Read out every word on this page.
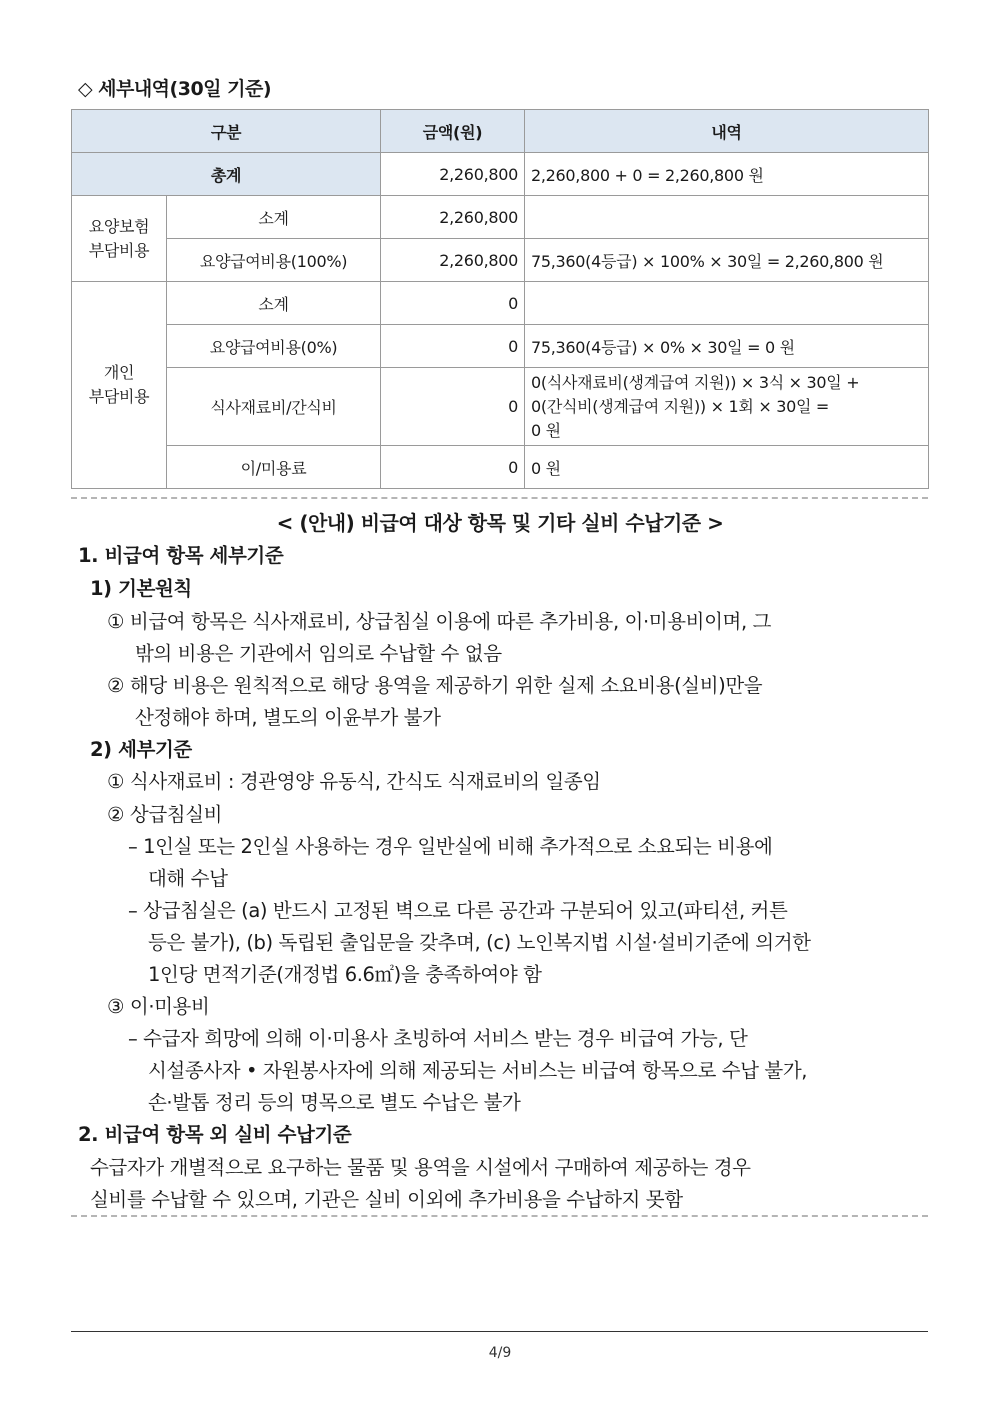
◇ 세부내역(30일 기준)
구분		금액(원)	내역
총계		2,260,800	2,260,800 + 0 = 2,260,800 원

요양보험
부담비용	소계	2,260,800	
	요양급여비용(100%)	2,260,800	75,360(4등급) × 100% × 30일 = 2,260,800 원

개인
부담비용	소계	0	
	요양급여비용(0%)	0	75,360(4등급) × 0% × 30일 = 0 원
	식사재료비/간식비	0	0(식사재료비(생계급여 지원)) × 3식 × 30일 +
0(간식비(생계급여 지원)) × 1회 × 30일 =
0 원

	이/미용료	0	0 원
< (안내) 비급여 대상 항목 및 기타 실비 수납기준 >
1. 비급여 항목 세부기준
1) 기본원칙
① 비급여 항목은 식사재료비, 상급침실 이용에 따른 추가비용, 이·미용비이며, 그
밖의 비용은 기관에서 임의로 수납할 수 없음
② 해당 비용은 원칙적으로 해당 용역을 제공하기 위한 실제 소요비용(실비)만을
산정해야 하며, 별도의 이윤부가 불가
2) 세부기준
① 식사재료비 : 경관영양 유동식, 간식도 식재료비의 일종임
② 상급침실비
– 1인실 또는 2인실 사용하는 경우 일반실에 비해 추가적으로 소요되는 비용에
대해 수납
– 상급침실은 (a) 반드시 고정된 벽으로 다른 공간과 구분되어 있고(파티션, 커튼
등은 불가), (b) 독립된 출입문을 갖추며, (c) 노인복지법 시설·설비기준에 의거한
1인당 면적기준(개정법 6.6㎡)을 충족하여야 함
③ 이·미용비
– 수급자 희망에 의해 이·미용사 초빙하여 서비스 받는 경우 비급여 가능, 단
시설종사자 • 자원봉사자에 의해 제공되는 서비스는 비급여 항목으로 수납 불가,
손·발톱 정리 등의 명목으로 별도 수납은 불가
2. 비급여 항목 외 실비 수납기준
수급자가 개별적으로 요구하는 물품 및 용역을 시설에서 구매하여 제공하는 경우
실비를 수납할 수 있으며, 기관은 실비 이외에 추가비용을 수납하지 못함
4/9
